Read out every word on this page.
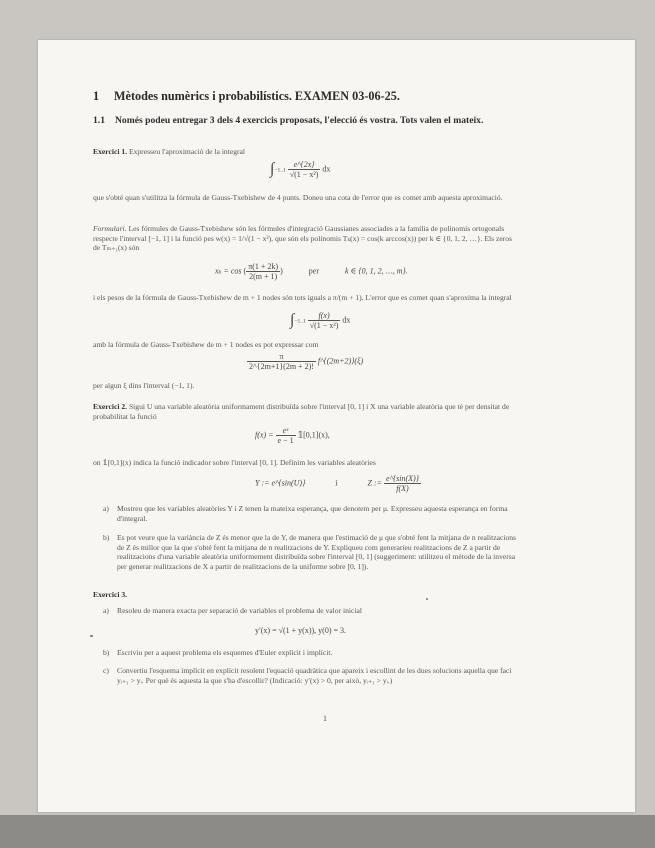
1 Mètodes numèrics i probabilístics. EXAMEN 03-06-25.
1.1 Només podeu entregar 3 dels 4 exercicis proposats, l'elecció és vostra. Tots valen el mateix.
Exercici 1. Expresseu l'aproximació de la integral
$\int-1..1 \frac{e\^{}\{2x\}}{\text{√(1 − x²)}}$ dx
que s'obté quan s'utilitza la fórmula de Gauss-Txebishew de 4 punts. Doneu una cota de l'error que es comet amb aquesta aproximació.
Formulari. Les fórmules de Gauss-Txebishew són les fórmules d'integració Gaussianes associades a la família de polinomis ortogonals respecte l'interval [−1, 1] i la funció pes w(x) = 1/√(1 − x²), que són els polinomis Tₖ(x) = cos(k arccos(x)) per k ∈ {0, 1, 2, …}. Els zeros de Tₘ₊₁(x) són
xₖ = cos ( $\frac{\pi(1 + 2k)}{2(m + 1)}$ )	per	k ∈ {0, 1, 2, …, m}.
i els pesos de la fórmula de Gauss-Txebishew de m + 1 nodes són tots iguals a π/(m + 1). L'error que es comet quan s'aproxima la integral
$\int-1..1 \frac{f(x)}{\text{√(1 − x²)}}$ dx
amb la fórmula de Gauss-Txebishew de m + 1 nodes es pot expressar com
$\frac{\pi}{2\^{}\{2m+1\}(2m + 2)!}$ f^{(2m+2)}(ξ)
per algun ξ dins l'interval (−1, 1).
Exercici 2. Sigui U una variable aleatòria uniformament distribuïda sobre l'interval [0, 1] i X una variable aleatòria que té per densitat de probabilitat la funció
$f(x) = \frac{\text{eˣ}}{e - 1}$ 𝟙[0,1](x),
on 𝟙[0,1](x) indica la funció indicador sobre l'interval [0, 1]. Definim les variables aleatòries
Y := e^{sin(U)}	i	Z := $\frac{e\^{}\{\sin(X)\}}{f(X)}$
a) Mostreu que les variables aleatòries Y i Z tenen la mateixa esperança, que denotem per μ. Expresseu aquesta esperança en forma d'integral.
b) Es pot veure que la variància de Z és menor que la de Y, de manera que l'estimació de μ que s'obté fent la mitjana de n realitzacions de Z és millor que la que s'obté fent la mitjana de n realitzacions de Y. Expliqueu com generaríeu realitzacions de Z a partir de realitzacions d'una variable aleatòria uniformement distribuïda sobre l'interval [0, 1] (suggeriment: utilitzeu el mètode de la inversa per generar realitzacions de X a partir de realitzacions de la uniforme sobre [0, 1]).
Exercici 3.
a) Resoleu de manera exacta per separació de variables el problema de valor inicial
y′(x) = √(1 + y(x)), y(0) = 3.
b) Escriviu per a aquest problema els esquemes d'Euler explícit i implícit.
c) Convertiu l'esquema implícit en explícit resolent l'equació quadràtica que apareix i escollint de les dues solucions aquella que faci yᵢ₊₁ > yᵢ. Per què és aquesta la que s'ha d'escollir? (Indicació: y′(x) > 0, per això, yᵢ₊₁ > yᵢ.)
1
